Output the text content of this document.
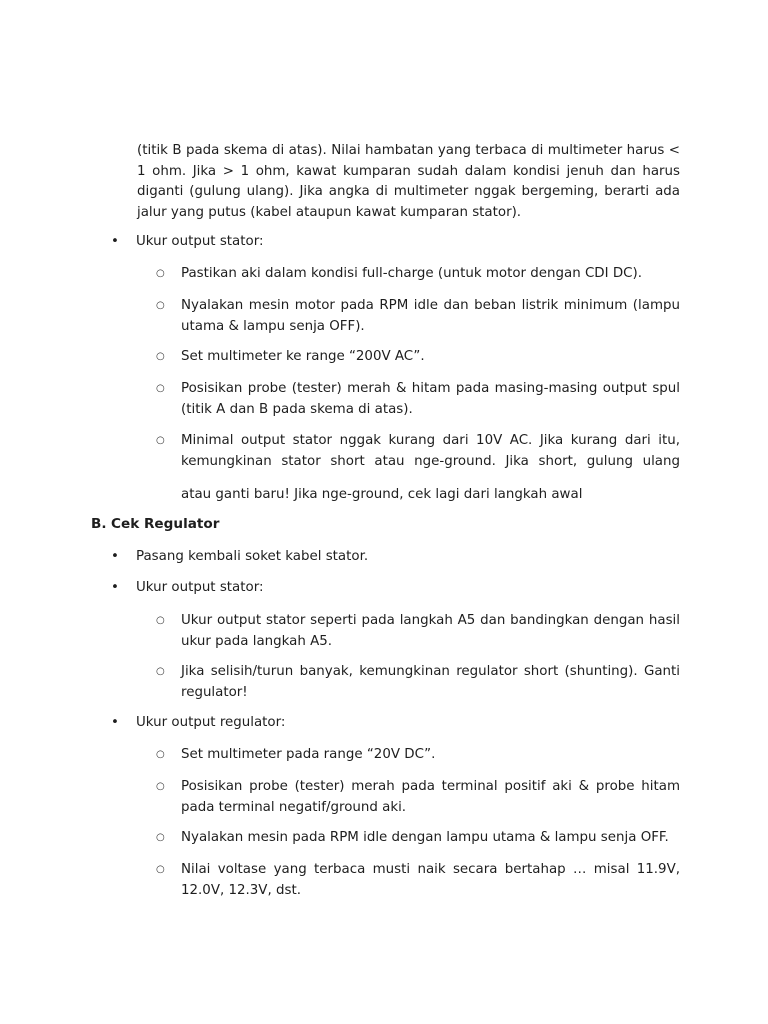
(titik B pada skema di atas). Nilai hambatan yang terbaca di multimeter harus < 1 ohm. Jika > 1 ohm, kawat kumparan sudah dalam kondisi jenuh dan harus diganti (gulung ulang). Jika angka di multimeter nggak bergeming, berarti ada jalur yang putus (kabel ataupun kawat kumparan stator).

•	Ukur output stator:
○ Pastikan aki dalam kondisi full-charge (untuk motor dengan CDI DC).
○ Nyalakan mesin motor pada RPM idle dan beban listrik minimum (lampu utama & lampu senja OFF).
○ Set multimeter ke range “200V AC”.
○ Posisikan probe (tester) merah & hitam pada masing-masing output spul (titik A dan B pada skema di atas).
○ Minimal output stator nggak kurang dari 10V AC. Jika kurang dari itu, kemungkinan stator short atau nge-ground. Jika short, gulung ulang
atau ganti baru! Jika nge-ground, cek lagi dari langkah awal
B. Cek Regulator
•	Pasang kembali soket kabel stator.
•	Ukur output stator:
○ Ukur output stator seperti pada langkah A5 dan bandingkan dengan hasil ukur pada langkah A5.
○ Jika selisih/turun banyak, kemungkinan regulator short (shunting). Ganti regulator!
•	Ukur output regulator:
○ Set multimeter pada range “20V DC”.
○ Posisikan probe (tester) merah pada terminal positif aki & probe hitam pada terminal negatif/ground aki.
○ Nyalakan mesin pada RPM idle dengan lampu utama & lampu senja OFF.
○ Nilai voltase yang terbaca musti naik secara bertahap … misal 11.9V, 12.0V, 12.3V, dst.
